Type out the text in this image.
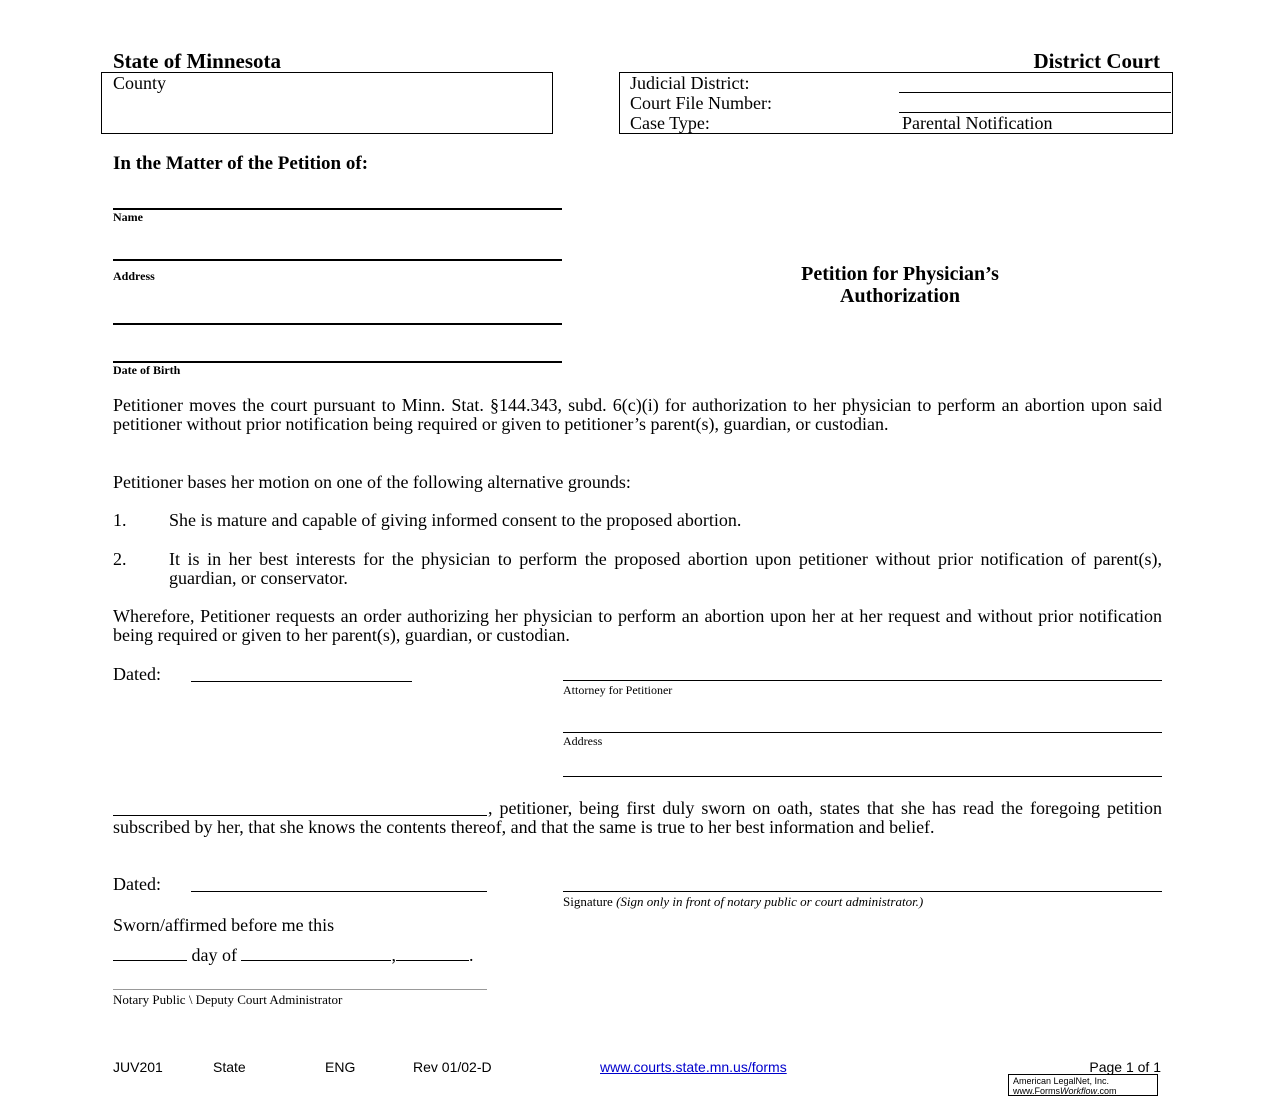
State of Minnesota	District Court
County	Judicial District:
Court File Number:
Case Type:	Parental Notification
In the Matter of the Petition of:
Name
Address
Date of Birth
Petition for Physician’s
Authorization
Petitioner moves the court pursuant to Minn. Stat. §144.343, subd. 6(c)(i) for authorization to her physician to perform an abortion upon said petitioner without prior notification being required or given to petitioner’s parent(s), guardian, or custodian.
Petitioner bases her motion on one of the following alternative grounds:
1. She is mature and capable of giving informed consent to the proposed abortion.
2. It is in her best interests for the physician to perform the proposed abortion upon petitioner without prior notification of parent(s), guardian, or conservator.
Wherefore, Petitioner requests an order authorizing her physician to perform an abortion upon her at her request and without prior notification being required or given to her parent(s), guardian, or custodian.
Dated:
Attorney for Petitioner
Address
, petitioner, being first duly sworn on oath, states that she has read the foregoing petition subscribed by her, that she knows the contents thereof, and that the same is true to her best information and belief.
Dated:
Signature (Sign only in front of notary public or court administrator.)
Sworn/affirmed before me this
day of	,	.
Notary Public \ Deputy Court Administrator
JUV201	State	ENG	Rev 01/02-D	www.courts.state.mn.us/forms	Page 1 of 1
American LegalNet, Inc.
www.FormsWorkflow.com
